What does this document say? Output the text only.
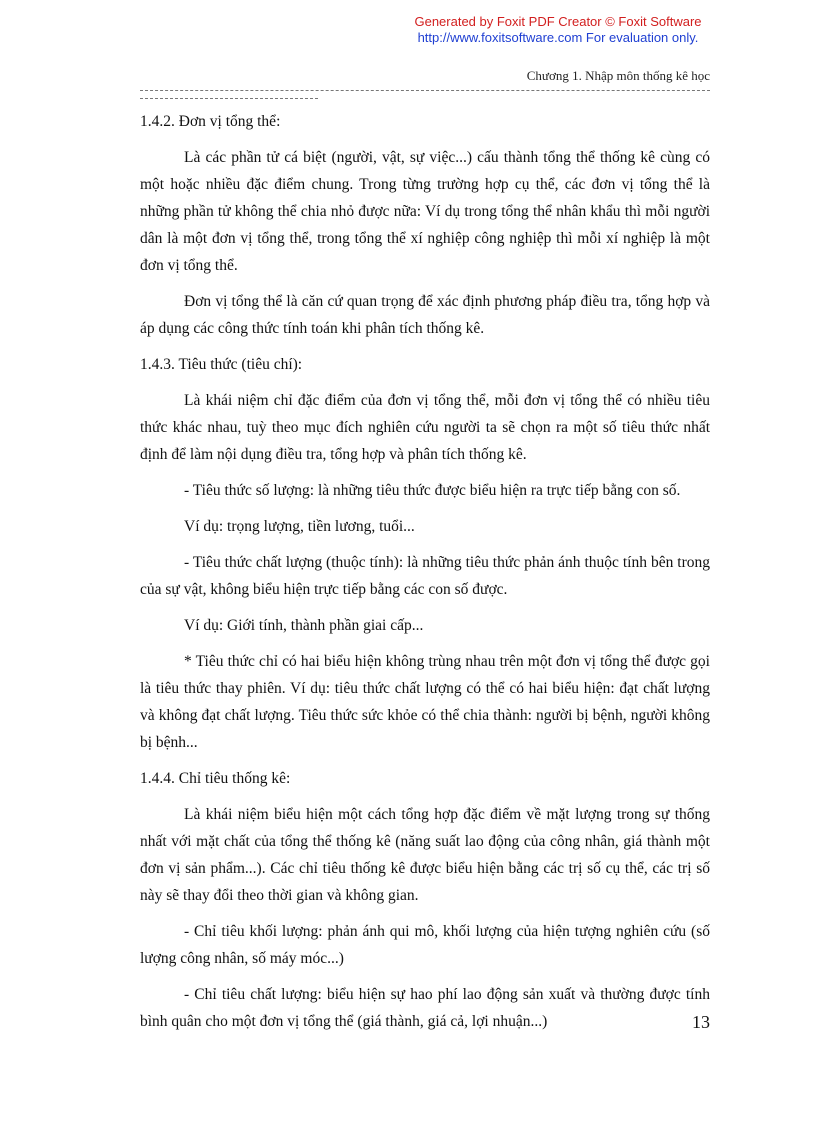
Generated by Foxit PDF Creator © Foxit Software
http://www.foxitsoftware.com For evaluation only.
Chương 1. Nhập môn thống kê học
1.4.2. Đơn vị tổng thể:

Là các phần tử cá biệt (người, vật, sự việc...) cấu thành tổng thể thống kê cùng có một hoặc nhiều đặc điểm chung. Trong từng trường hợp cụ thể, các đơn vị tổng thể là những phần tử không thể chia nhỏ được nữa: Ví dụ trong tổng thể nhân khẩu thì mỗi người dân là một đơn vị tổng thể, trong tổng thể xí nghiệp công nghiệp thì mỗi xí nghiệp là một đơn vị tổng thể.

Đơn vị tổng thể là căn cứ quan trọng để xác định phương pháp điều tra, tổng hợp và áp dụng các công thức tính toán khi phân tích thống kê.

1.4.3. Tiêu thức (tiêu chí):

Là khái niệm chỉ đặc điểm của đơn vị tổng thể, mỗi đơn vị tổng thể có nhiều tiêu thức khác nhau, tuỳ theo mục đích nghiên cứu người ta sẽ chọn ra một số tiêu thức nhất định để làm nội dụng điều tra, tổng hợp và phân tích thống kê.

- Tiêu thức số lượng: là những tiêu thức được biểu hiện ra trực tiếp bằng con số.

Ví dụ: trọng lượng, tiền lương, tuổi...

- Tiêu thức chất lượng (thuộc tính): là những tiêu thức phản ánh thuộc tính bên trong của sự vật, không biểu hiện trực tiếp bằng các con số được.

Ví dụ: Giới tính, thành phần giai cấp...

* Tiêu thức chỉ có hai biểu hiện không trùng nhau trên một đơn vị tổng thể được gọi là tiêu thức thay phiên. Ví dụ: tiêu thức chất lượng có thể có hai biểu hiện: đạt chất lượng và không đạt chất lượng. Tiêu thức sức khỏe có thể chia thành: người bị bệnh, người không bị bệnh...

1.4.4. Chỉ tiêu thống kê:

Là khái niệm biểu hiện một cách tổng hợp đặc điểm về mặt lượng trong sự thống nhất với mặt chất của tổng thể thống kê (năng suất lao động của công nhân, giá thành một đơn vị sản phẩm...). Các chỉ tiêu thống kê được biểu hiện bằng các trị số cụ thể, các trị số này sẽ thay đổi theo thời gian và không gian.

- Chỉ tiêu khối lượng: phản ánh qui mô, khối lượng của hiện tượng nghiên cứu (số lượng công nhân, số máy móc...)

- Chỉ tiêu chất lượng: biểu hiện sự hao phí lao động sản xuất và thường được tính bình quân cho một đơn vị tổng thể (giá thành, giá cả, lợi nhuận...)	13
